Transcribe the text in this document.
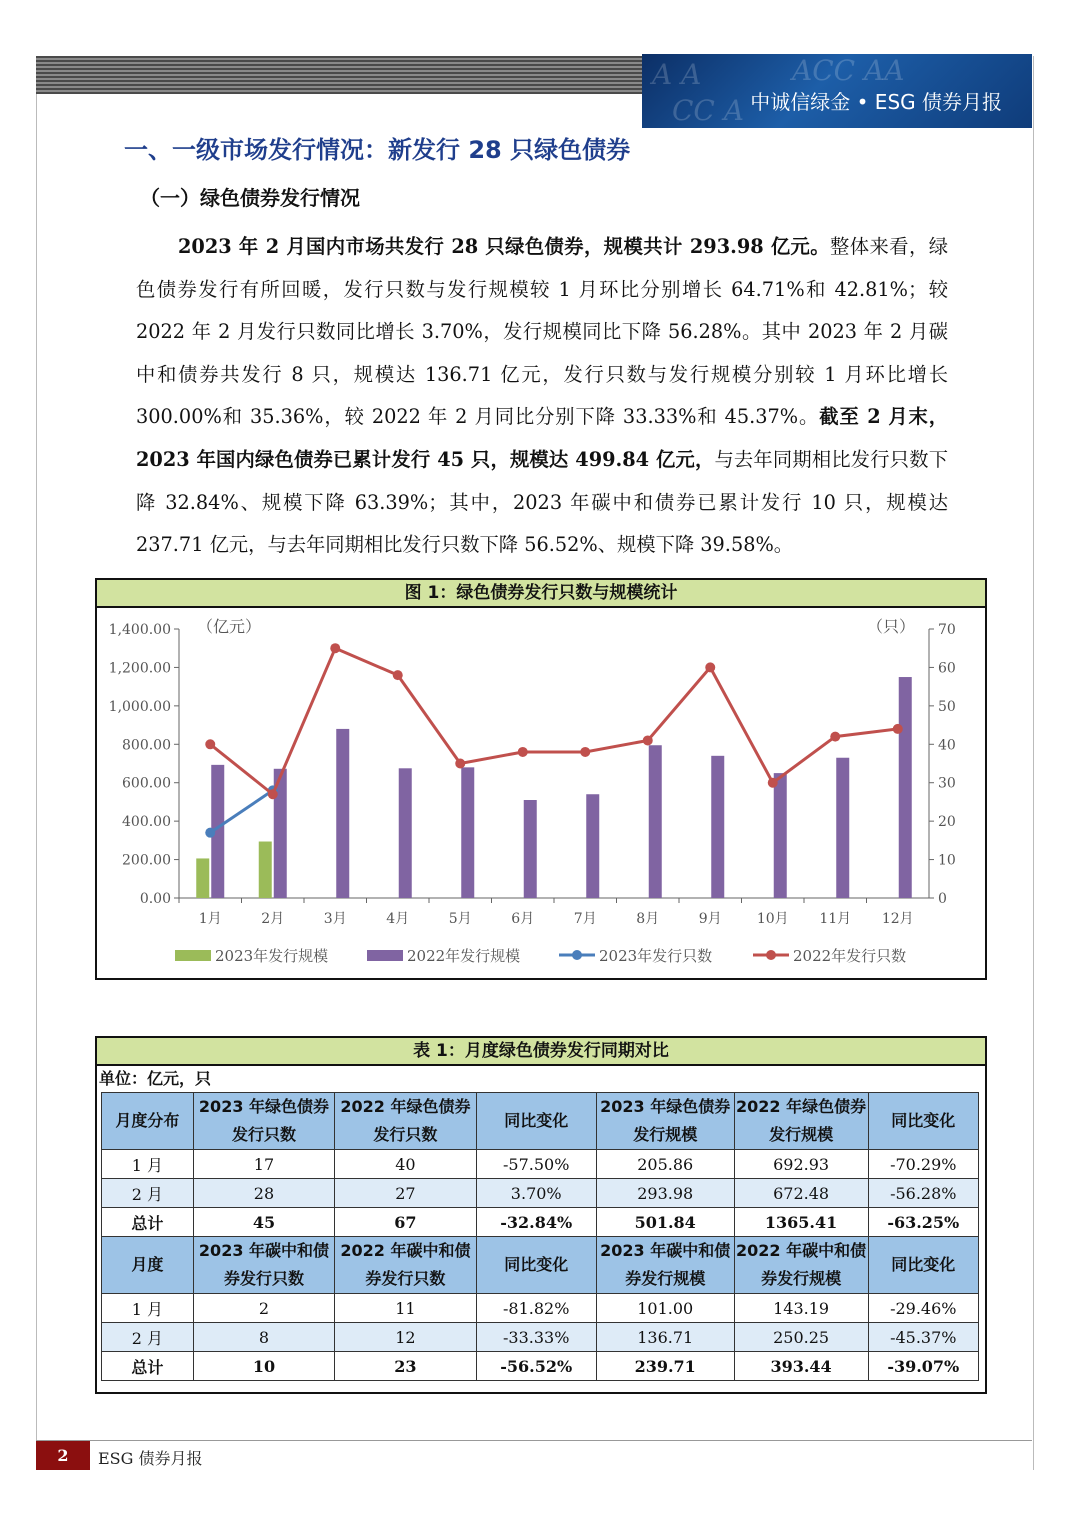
A A	ACC AA
CC A 中诚信绿金 • ESG 债券月报
一、一级市场发行情况：新发行 28 只绿色债券
（一）绿色债券发行情况
2023 年 2 月国内市场共发行 28 只绿色债券，规模共计 293.98 亿元。整体来看，绿色债券发行有所回暖，发行只数与发行规模较 1 月环比分别增长 64.71%和 42.81%；较 2022 年 2 月发行只数同比增长 3.70%，发行规模同比下降 56.28%。其中 2023 年 2 月碳中和债券共发行 8 只，规模达 136.71 亿元，发行只数与发行规模分别较 1 月环比增长 300.00%和 35.36%，较 2022 年 2 月同比分别下降 33.33%和 45.37%。截至 2 月末，2023 年国内绿色债券已累计发行 45 只，规模达 499.84 亿元，与去年同期相比发行只数下降 32.84%、规模下降 63.39%；其中，2023 年碳中和债券已累计发行 10 只，规模达 237.71 亿元，与去年同期相比发行只数下降 56.52%、规模下降 39.58%。
图 1：绿色债券发行只数与规模统计
0.00
200.00
400.00
600.00
800.00
1,000.00
1,200.00
1,400.00
0
10
20
30
40
50
60
70
（亿元）	（只）
1月	2月	3月	4月	5月	6月	7月	8月	9月	10月 11月 12月
2023年发行规模	2022年发行规模	2023年发行只数	2022年发行只数
表 1：月度绿色债券发行同期对比
单位：亿元，只
月度分布	2023 年绿色债券发行只数	2022 年绿色债券发行只数	同比变化	2023 年绿色债券发行规模	2022 年绿色债券发行规模	同比变化
1 月	17	40	-57.50%	205.86	692.93	-70.29%
2 月	28	27	3.70%	293.98	672.48	-56.28%
总计	45	67	-32.84%	501.84	1365.41	-63.25%
月度	2023 年碳中和债券发行只数	2022 年碳中和债券发行只数	同比变化	2023 年碳中和债券发行规模	2022 年碳中和债券发行规模	同比变化
1 月	2	11	-81.82%	101.00	143.19	-29.46%
2 月	8	12	-33.33%	136.71	250.25	-45.37%
总计	10	23	-56.52%	239.71	393.44	-39.07%
2	ESG 债券月报
